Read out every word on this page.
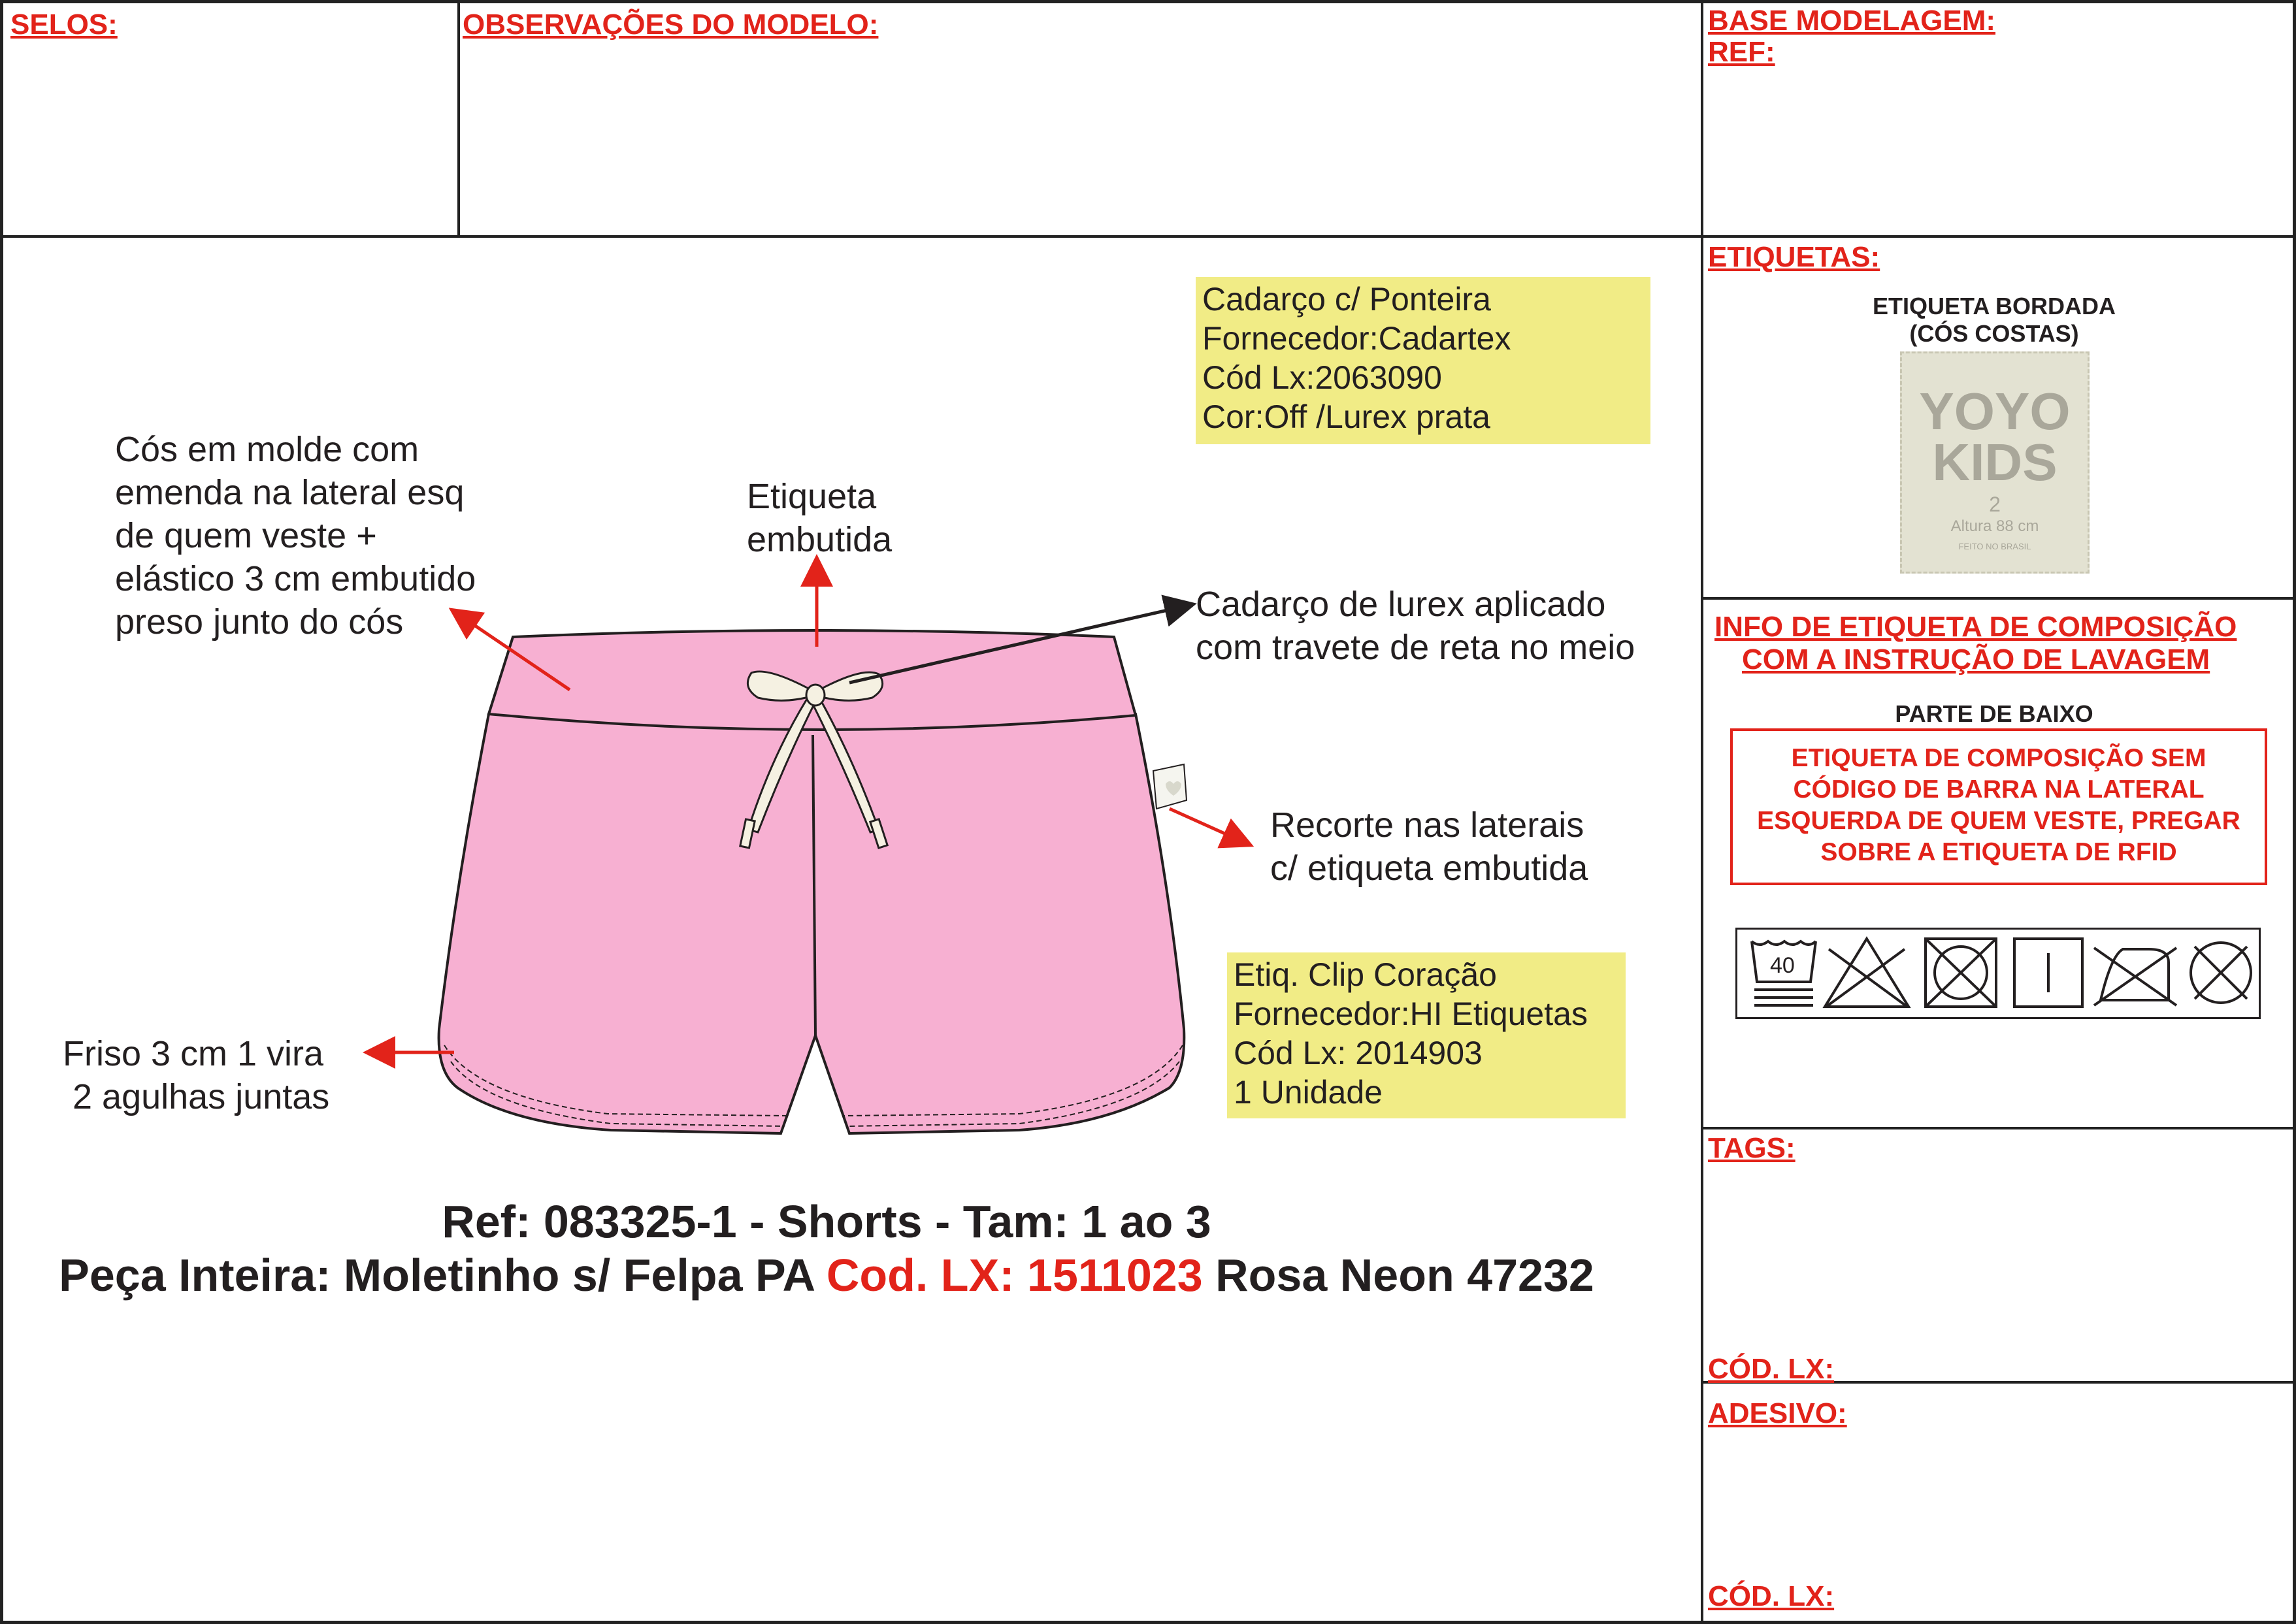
SELOS:	OBSERVAÇÕES DO MODELO:	BASE MODELAGEM:
REF:
ETIQUETAS:
INFO DE ETIQUETA DE COMPOSIÇÃO
COM A INSTRUÇÃO DE LAVAGEM
TAGS:
CÓD. LX:
ADESIVO:
CÓD. LX:
Cadarço c/ Ponteira
Fornecedor:Cadartex
Cód Lx:2063090
Cor:Off /Lurex prata
Etiq. Clip Coração
Fornecedor:HI Etiquetas
Cód Lx: 2014903
1 Unidade
Cós em molde com
emenda na lateral esq
de quem veste +
elástico 3 cm embutido
preso junto do cós
Etiqueta
embutida
Cadarço de lurex aplicado
com travete de reta no meio
Recorte nas laterais
c/ etiqueta embutida
Friso 3 cm 1 vira
2 agulhas juntas
Ref: 083325-1 - Shorts - Tam: 1 ao 3
Peça Inteira: Moletinho s/ Felpa PA Cod. LX: 1511023 Rosa Neon 47232
ETIQUETA BORDADA
(CÓS COSTAS)
YOYO
KIDS
2
Altura 88 cm
FEITO NO BRASIL
PARTE DE BAIXO
ETIQUETA DE COMPOSIÇÃO SEM CÓDIGO DE BARRA NA LATERAL ESQUERDA DE QUEM VESTE, PREGAR SOBRE A ETIQUETA DE RFID
40
